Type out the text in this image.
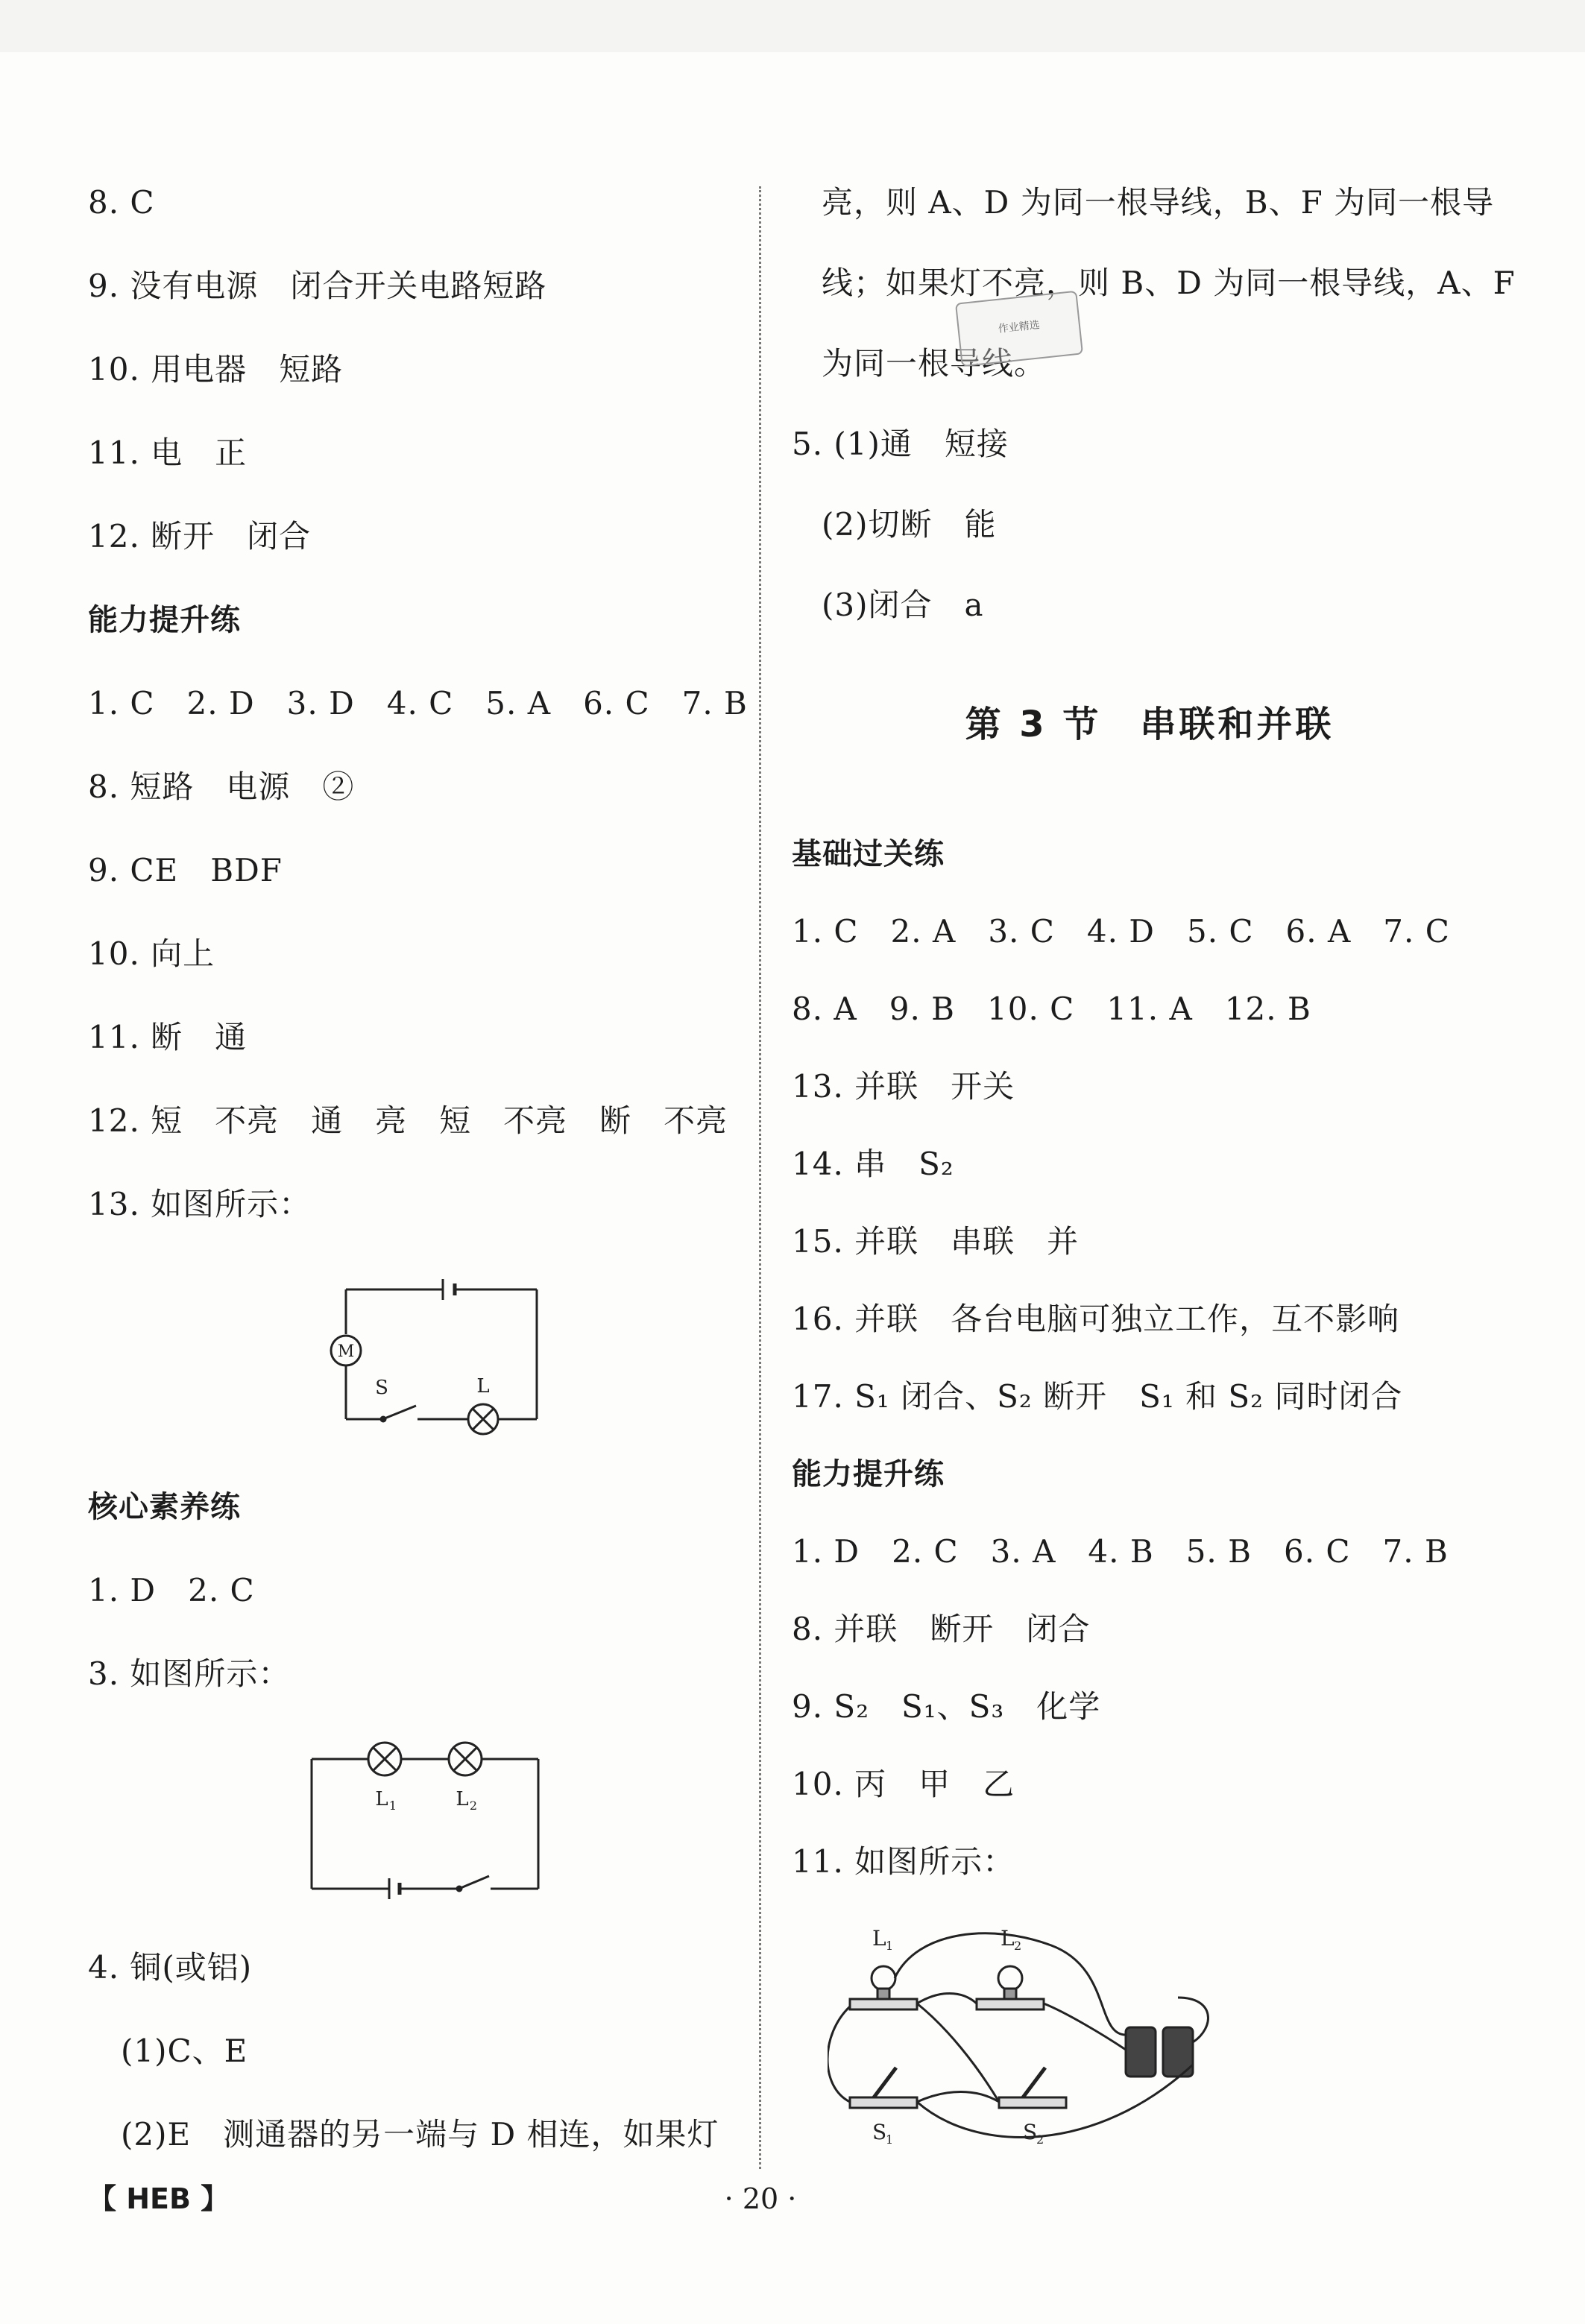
8. C
9. 没有电源　闭合开关电路短路
10. 用电器　短路
11. 电　正
12. 断开　闭合
能力提升练
1. C　2. D　3. D　4. C　5. A　6. C　7. B
8. 短路　电源　②
9. CE　BDF
10. 向上
11. 断　通
12. 短　不亮　通　亮　短　不亮　断　不亮
13. 如图所示：
核心素养练
1. D　2. C
3. 如图所示：
4. 铜(或铝)
(1)C、E
(2)E　测通器的另一端与 D 相连，如果灯
M
S	L
L 1	L 2
亮，则 A、D 为同一根导线，B、F 为同一根导
线；如果灯不亮，则 B、D 为同一根导线，A、F
为同一根导线。
5. (1)通　短接
(2)切断　能
(3)闭合　a
第 3 节　串联和并联
基础过关练
1. C　2. A　3. C　4. D　5. C　6. A　7. C
8. A　9. B　10. C　11. A　12. B
13. 并联　开关
14. 串　S₂
15. 并联　串联　并
16. 并联　各台电脑可独立工作，互不影响
17. S₁ 闭合、S₂ 断开　S₁ 和 S₂ 同时闭合
能力提升练
1. D　2. C　3. A　4. B　5. B　6. C　7. B
8. 并联　断开　闭合
9. S₂　S₁、S₃　化学
10. 丙　甲　乙
11. 如图所示：
作业精选
L 1	L 2
S
1	S
2
【 HEB 】	· 20 ·
